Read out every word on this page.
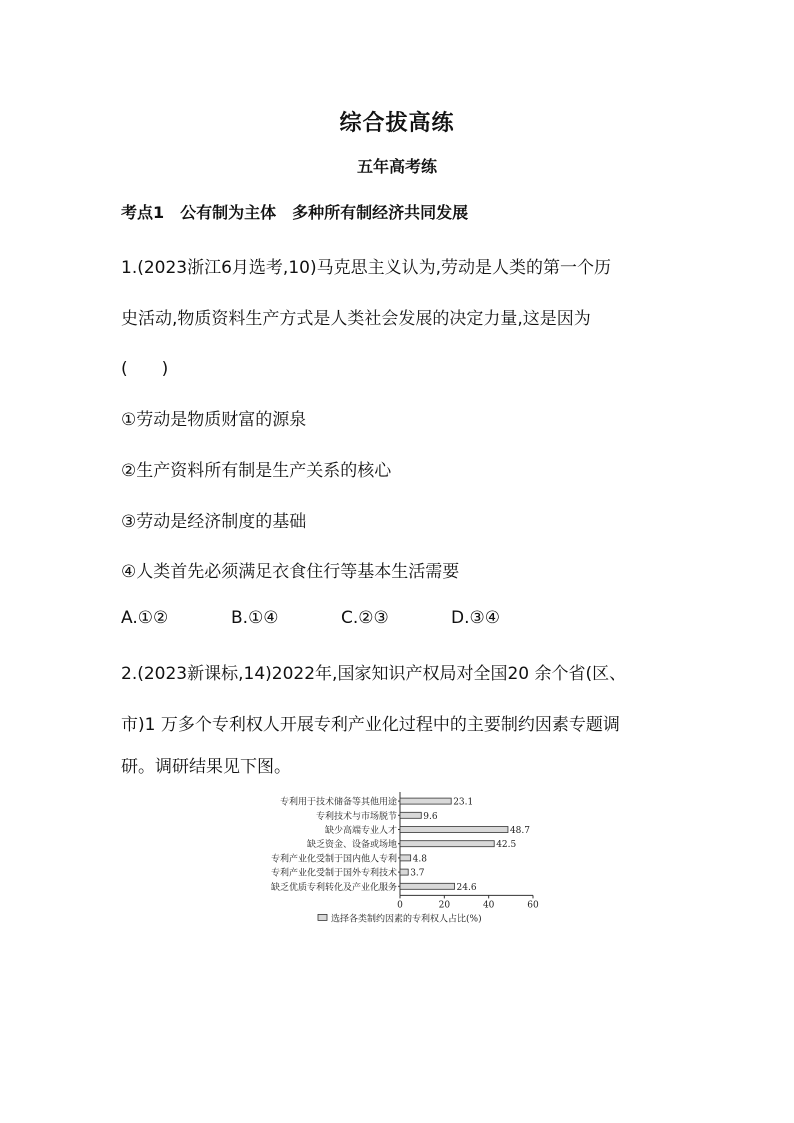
综合拔高练
五年高考练
考点1　公有制为主体　多种所有制经济共同发展
1.(2023浙江6月选考,10)马克思主义认为,劳动是人类的第一个历
史活动,物质资料生产方式是人类社会发展的决定力量,这是因为
(　　)
①劳动是物质财富的源泉
②生产资料所有制是生产关系的核心
③劳动是经济制度的基础
④人类首先必须满足衣食住行等基本生活需要
A.①②	B.①④	C.②③	D.③④
2.(2023新课标,14)2022年,国家知识产权局对全国20 余个省(区、
市)1 万多个专利权人开展专利产业化过程中的主要制约因素专题调
研。调研结果见下图。
专利用于技术储备等其他用途	23.1
专利技术与市场脱节	9.6
缺少高端专业人才	48.7
缺乏资金、设备或场地	42.5
专利产业化受制于国内他人专利 4.8
专利产业化受制于国外专利技术 3.7
缺乏优质专利转化及产业化服务	24.6
0	20	40	60
选择各类制约因素的专利权人占比(%)
